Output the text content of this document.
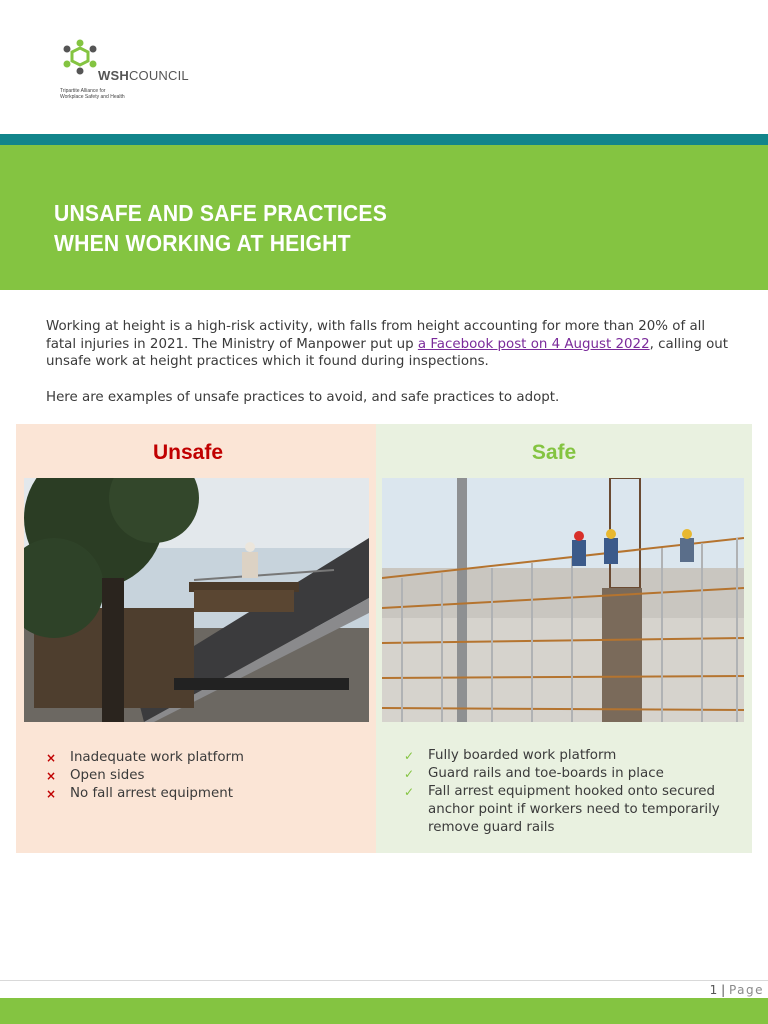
WSHCOUNCIL
Tripartite Alliance for
Workplace Safety and Health
UNSAFE AND SAFE PRACTICES
WHEN WORKING AT HEIGHT

Working at height is a high-risk activity, with falls from height accounting for more than 20% of all fatal injuries in 2021. The Ministry of Manpower put up a Facebook post on 4 August 2022, calling out unsafe work at height practices which it found during inspections.

Here are examples of unsafe practices to avoid, and safe practices to adopt.

Unsafe
×	Inadequate work platform
×	Open sides
×	No fall arrest equipment
Safe
✓	Fully boarded work platform
✓	Guard rails and toe-boards in place
✓	Fall arrest equipment hooked onto secured anchor point if workers need to temporarily remove guard rails
1 | Page
